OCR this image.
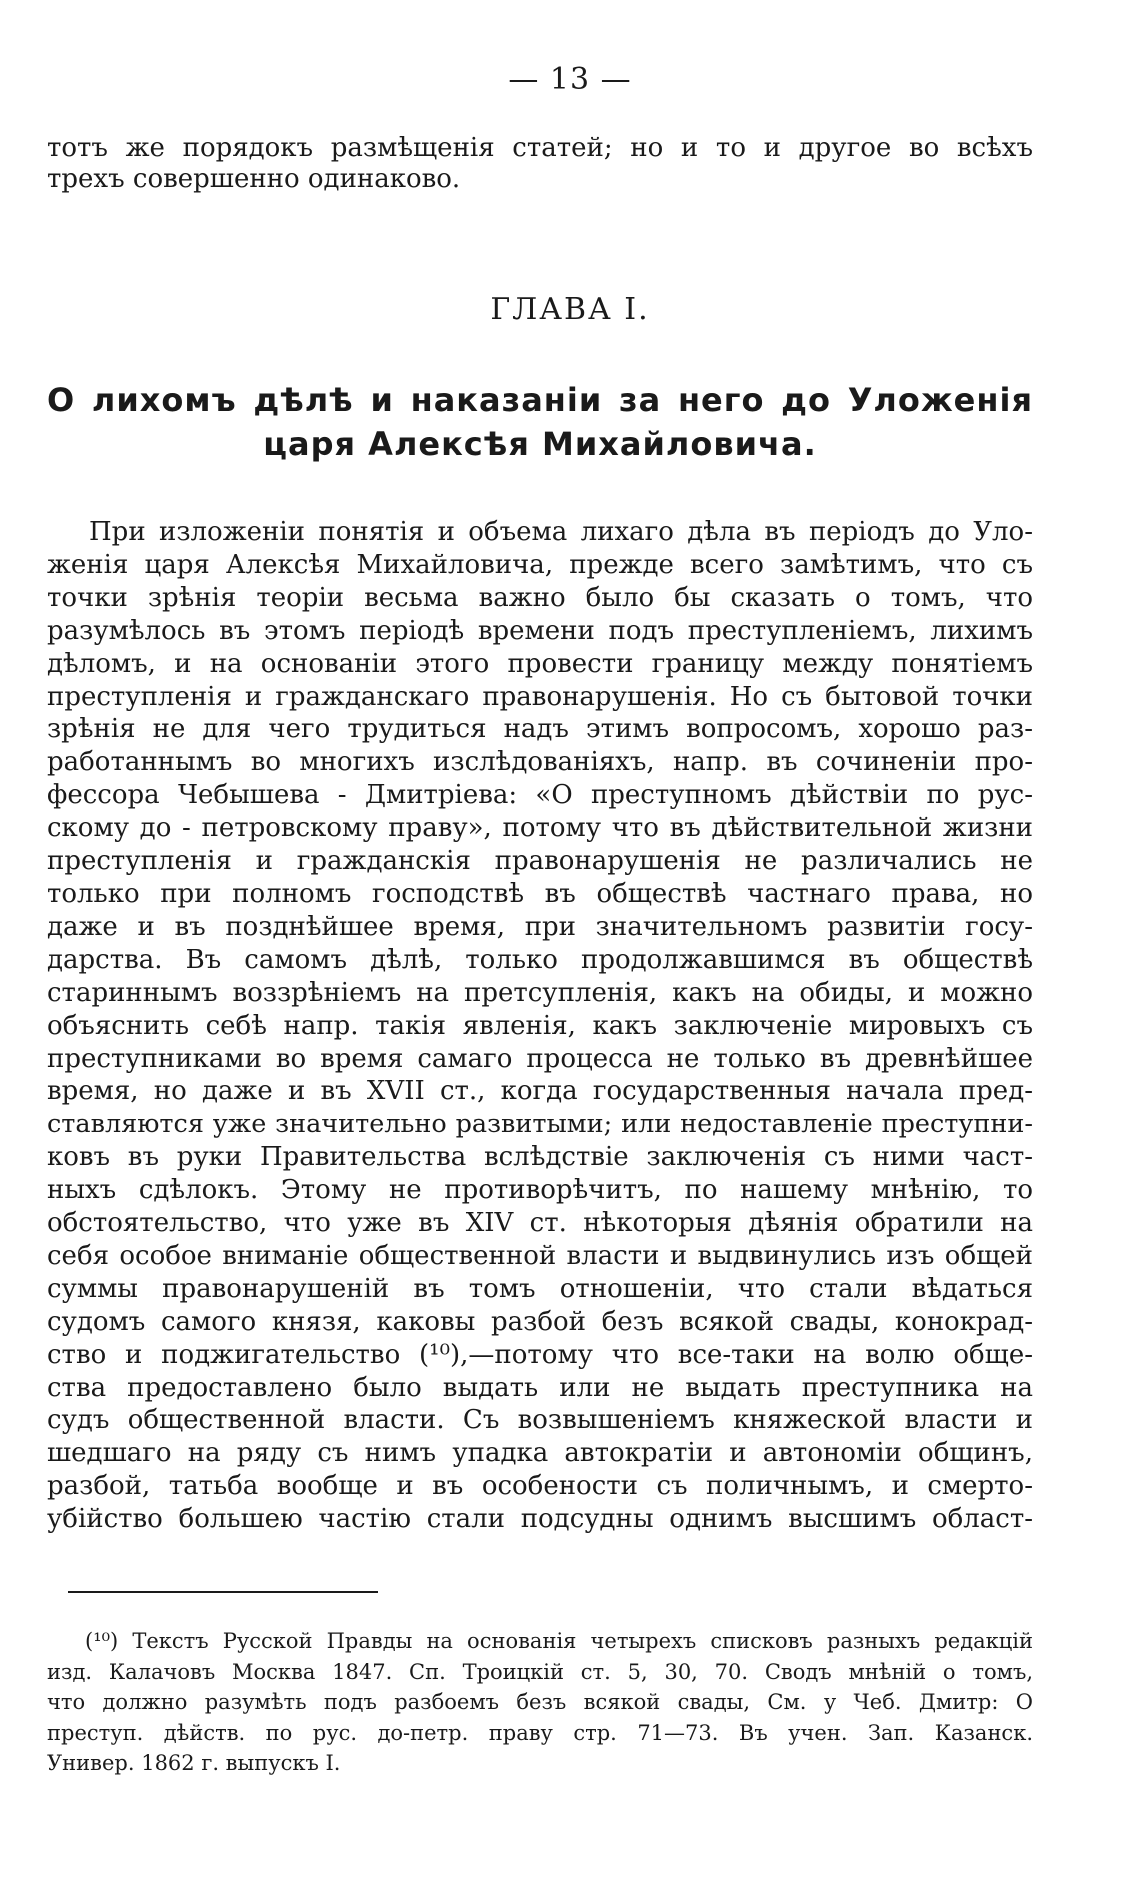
— 13 —
тотъ же порядокъ размѣщенія статей; но и то и другое во всѣхъ
трехъ совершенно одинаково.
ГЛАВА I.
О лихомъ дѣлѣ и наказаніи за него до Уложенія
царя Алексѣя Михайловича.
При изложеніи понятія и объема лихаго дѣла въ періодъ до Уло-
женія царя Алексѣя Михайловича, прежде всего замѣтимъ, что съ
точки зрѣнія теоріи весьма важно было бы сказать о томъ, что
разумѣлось въ этомъ періодѣ времени подъ преступленіемъ, лихимъ
дѣломъ, и на основаніи этого провести границу между понятіемъ
преступленія и гражданскаго правонарушенія. Но съ бытовой точки
зрѣнія не для чего трудиться надъ этимъ вопросомъ, хорошо раз-
работаннымъ во многихъ изслѣдованіяхъ, напр. въ сочиненіи про-
фессора Чебышева - Дмитріева: «О преступномъ дѣйствіи по рус-
скому до - петровскому праву», потому что въ дѣйствительной жизни
преступленія и гражданскія правонарушенія не различались не
только при полномъ господствѣ въ обществѣ частнаго права, но
даже и въ позднѣйшее время, при значительномъ развитіи госу-
дарства. Въ самомъ дѣлѣ, только продолжавшимся въ обществѣ
стариннымъ воззрѣніемъ на претсупленія, какъ на обиды, и можно
объяснить себѣ напр. такія явленія, какъ заключеніе мировыхъ съ
преступниками во время самаго процесса не только въ древнѣйшее
время, но даже и въ XVII ст., когда государственныя начала пред-
ставляются уже значительно развитыми; или недоставленіе преступни-
ковъ въ руки Правительства вслѣдствіе заключенія съ ними част-
ныхъ сдѣлокъ. Этому не противорѣчитъ, по нашему мнѣнію, то
обстоятельство, что уже въ XIV ст. нѣкоторыя дѣянія обратили на
себя особое вниманіе общественной власти и выдвинулись изъ общей
суммы правонарушеній въ томъ отношеніи, что стали вѣдаться
судомъ самого князя, каковы разбой безъ всякой свады, конокрад-
ство и поджигательство (¹⁰),—потому что все-таки на волю обще-
ства предоставлено было выдать или не выдать преступника на
судъ общественной власти. Съ возвышеніемъ княжеской власти и
шедшаго на ряду съ нимъ упадка автократіи и автономіи общинъ,
разбой, татьба вообще и въ особености съ поличнымъ, и смерто-
убійство большею частію стали подсудны однимъ высшимъ област-
(¹⁰) Текстъ Русской Правды на основанія четырехъ списковъ разныхъ редакцій
изд. Калачовъ Москва 1847. Сп. Троицкій ст. 5, 30, 70. Сводъ мнѣній о томъ,
что должно разумѣть подъ разбоемъ безъ всякой свады, См. у Чеб. Дмитр: О
преступ. дѣйств. по рус. до-петр. праву стр. 71—73. Въ учен. Зап. Казанск.
Универ. 1862 г. выпускъ I.
